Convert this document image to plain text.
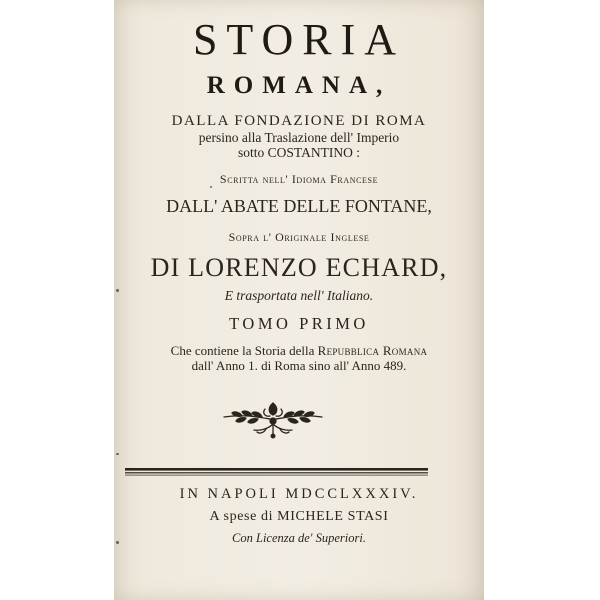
STORIA
ROMANA,
DALLA FONDAZIONE DI ROMA
persino alla Traslazione dell' Imperio
sotto COSTANTINO :
Scritta nell' Idioma Francese
DALL' ABATE DELLE FONTANE,
Sopra l' Originale Inglese
DI LORENZO ECHARD,
E trasportata nell' Italiano.
TOMO PRIMO
Che contiene la Storia della Repubblica Romana
dall' Anno 1. di Roma sino all' Anno 489.
IN NAPOLI MDCCLXXXIV.
A spese di MICHELE STASI
Con Licenza de' Superiori.
